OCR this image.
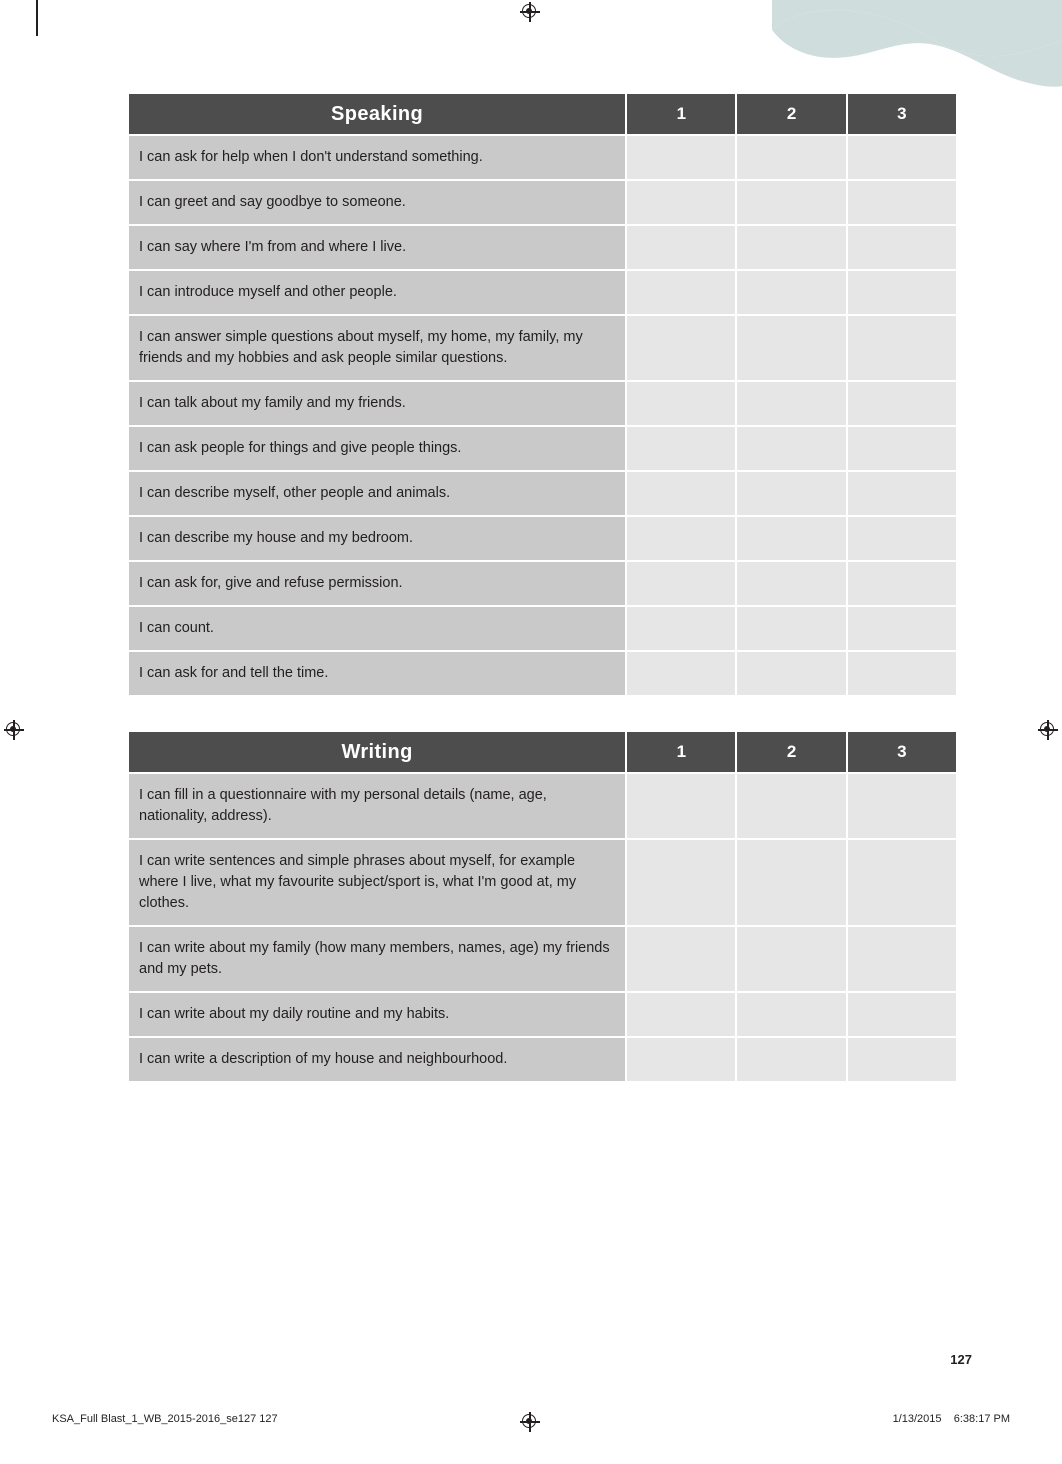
Speaking		1		2		3
I can ask for help when I don't understand something.						
I can greet and say goodbye to someone.						
I can say where I'm from and where I live.						
I can introduce myself and other people.						
I can answer simple questions about myself, my home, my family, my friends and my hobbies and ask people similar questions.						
I can talk about my family and my friends.						
I can ask people for things and give people things.						
I can describe myself, other people and animals.						
I can describe my house and my bedroom.						
I can ask for, give and refuse permission.						
I can count.						
I can ask for and tell the time.						
Writing		1		2		3
I can fill in a questionnaire with my personal details (name, age, nationality, address).						
I can write sentences and simple phrases about myself, for example where I live, what my favourite subject/sport is, what I'm good at, my clothes.						
I can write about my family (how many members, names, age) my friends and my pets.						
I can write about my daily routine and my habits.						
I can write a description of my house and neighbourhood.						
127
KSA_Full Blast_1_WB_2015-2016_se127 127	1/13/2015 6:38:17 PM
